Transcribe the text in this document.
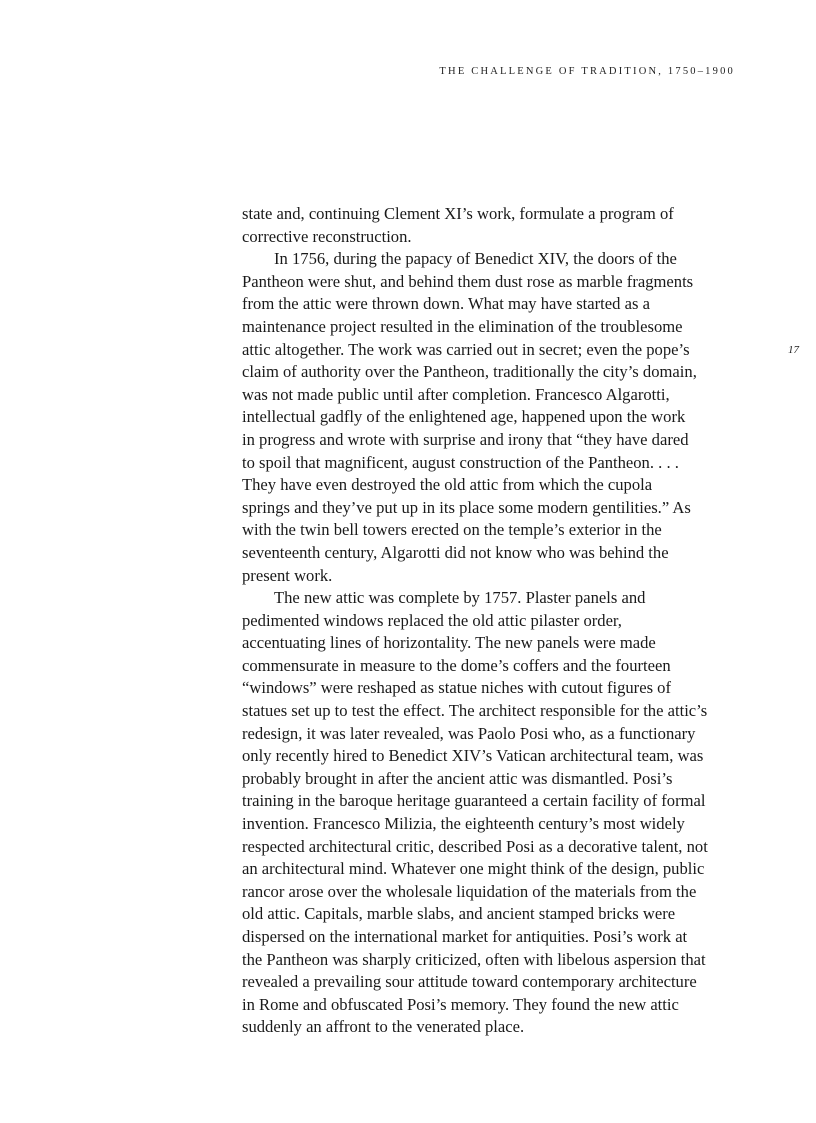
THE CHALLENGE OF TRADITION, 1750–1900
17
state and, continuing Clement XI’s work, formulate a program of
corrective reconstruction.
In 1756, during the papacy of Benedict XIV, the doors of the
Pantheon were shut, and behind them dust rose as marble fragments
from the attic were thrown down. What may have started as a
maintenance project resulted in the elimination of the troublesome
attic altogether. The work was carried out in secret; even the pope’s
claim of authority over the Pantheon, traditionally the city’s domain,
was not made public until after completion. Francesco Algarotti,
intellectual gadfly of the enlightened age, happened upon the work
in progress and wrote with surprise and irony that “they have dared
to spoil that magnificent, august construction of the Pantheon. . . .
They have even destroyed the old attic from which the cupola
springs and they’ve put up in its place some modern gentilities.” As
with the twin bell towers erected on the temple’s exterior in the
seventeenth century, Algarotti did not know who was behind the
present work.
The new attic was complete by 1757. Plaster panels and
pedimented windows replaced the old attic pilaster order,
accentuating lines of horizontality. The new panels were made
commensurate in measure to the dome’s coffers and the fourteen
“windows” were reshaped as statue niches with cutout figures of
statues set up to test the effect. The architect responsible for the attic’s
redesign, it was later revealed, was Paolo Posi who, as a functionary
only recently hired to Benedict XIV’s Vatican architectural team, was
probably brought in after the ancient attic was dismantled. Posi’s
training in the baroque heritage guaranteed a certain facility of formal
invention. Francesco Milizia, the eighteenth century’s most widely
respected architectural critic, described Posi as a decorative talent, not
an architectural mind. Whatever one might think of the design, public
rancor arose over the wholesale liquidation of the materials from the
old attic. Capitals, marble slabs, and ancient stamped bricks were
dispersed on the international market for antiquities. Posi’s work at
the Pantheon was sharply criticized, often with libelous aspersion that
revealed a prevailing sour attitude toward contemporary architecture
in Rome and obfuscated Posi’s memory. They found the new attic
suddenly an affront to the venerated place.
